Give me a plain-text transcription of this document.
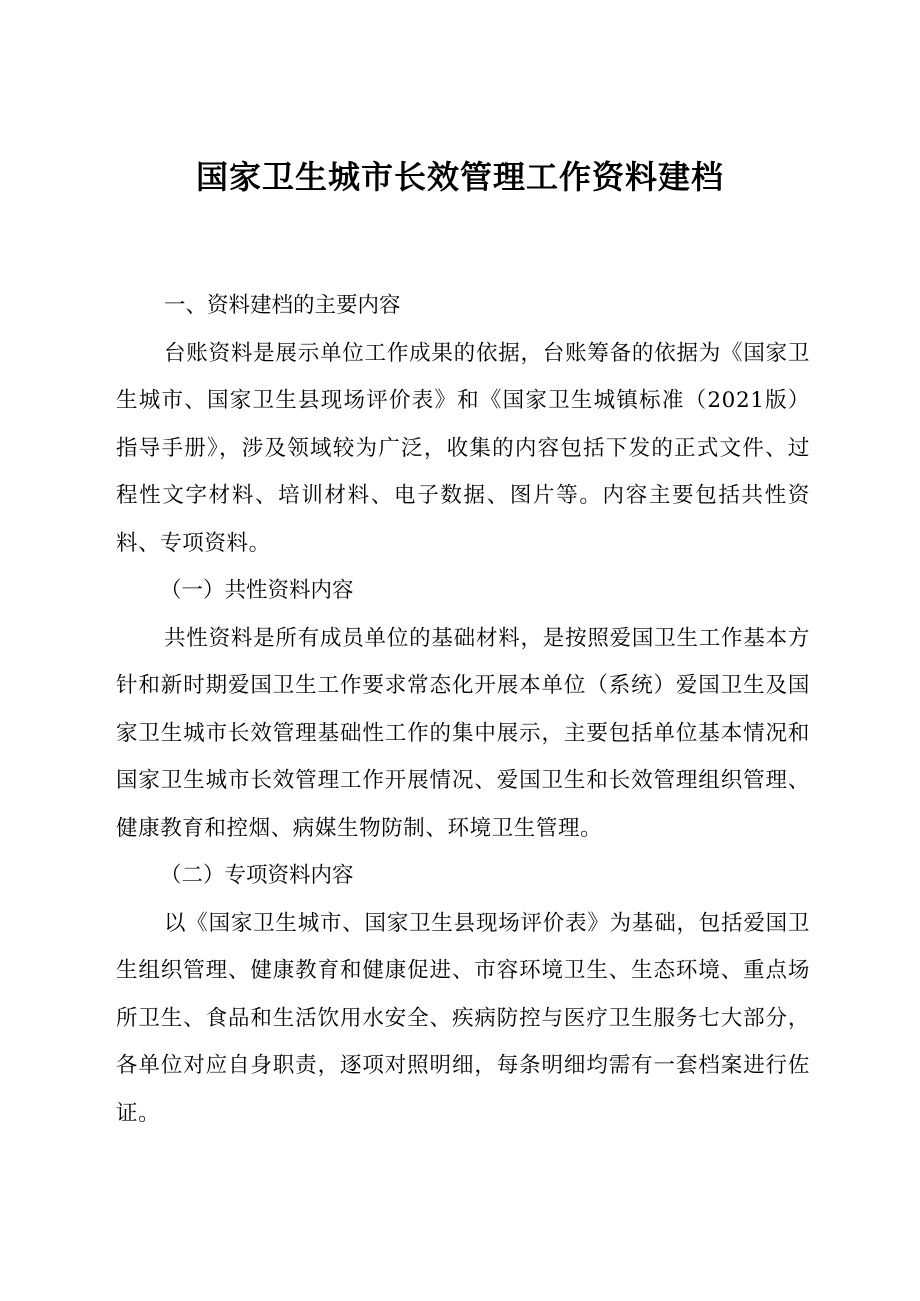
国家卫生城市长效管理工作资料建档

一、资料建档的主要内容

台账资料是展示单位工作成果的依据，台账筹备的依据为《国家卫生城市、国家卫生县现场评价表》和《国家卫生城镇标准（2021版）指导手册》，涉及领域较为广泛，收集的内容包括下发的正式文件、过程性文字材料、培训材料、电子数据、图片等。内容主要包括共性资料、专项资料。

（一）共性资料内容

共性资料是所有成员单位的基础材料，是按照爱国卫生工作基本方针和新时期爱国卫生工作要求常态化开展本单位（系统）爱国卫生及国家卫生城市长效管理基础性工作的集中展示，主要包括单位基本情况和国家卫生城市长效管理工作开展情况、爱国卫生和长效管理组织管理、健康教育和控烟、病媒生物防制、环境卫生管理。

（二）专项资料内容

以《国家卫生城市、国家卫生县现场评价表》为基础，包括爱国卫生组织管理、健康教育和健康促进、市容环境卫生、生态环境、重点场所卫生、食品和生活饮用水安全、疾病防控与医疗卫生服务七大部分，各单位对应自身职责，逐项对照明细，每条明细均需有一套档案进行佐证。
